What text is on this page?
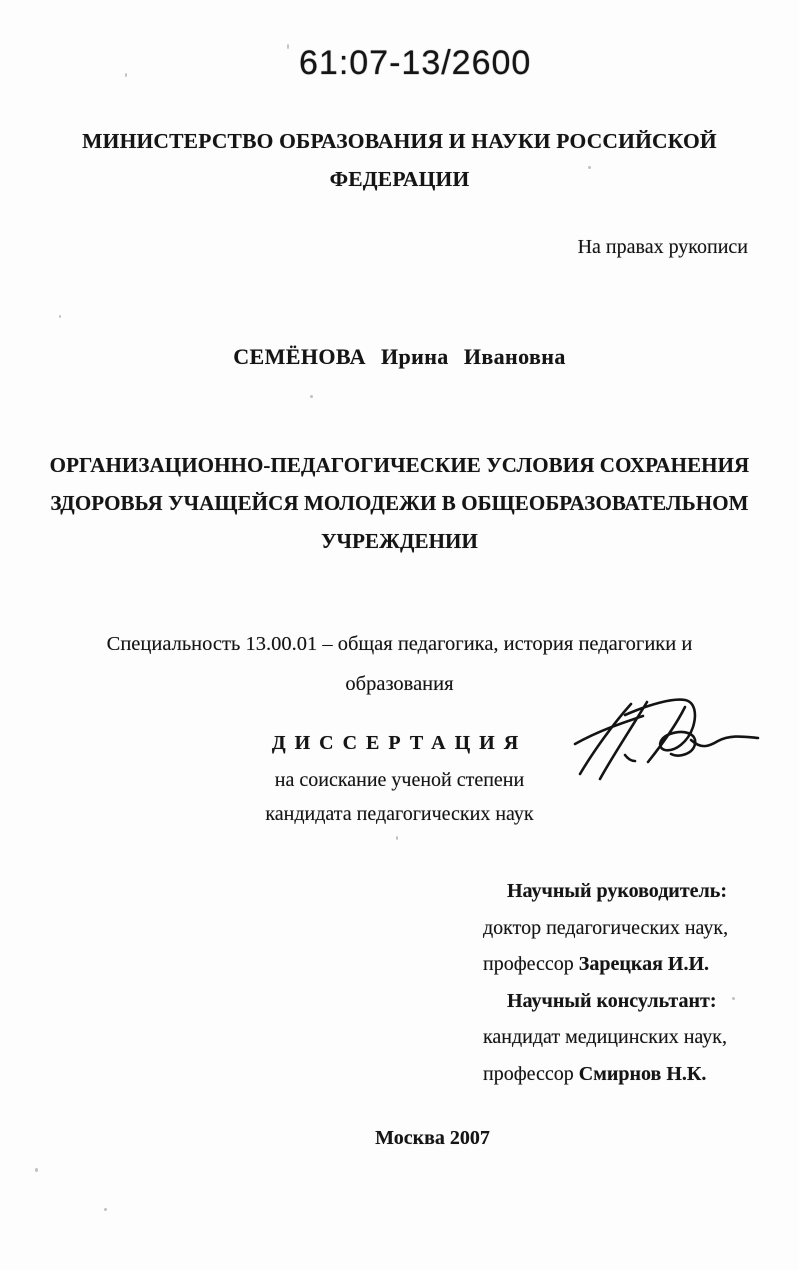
61:07-13/2600
МИНИСТЕРСТВО ОБРАЗОВАНИЯ И НАУКИ РОССИЙСКОЙ
ФЕДЕРАЦИИ
На правах рукописи
СЕМЁНОВА Ирина Ивановна
ОРГАНИЗАЦИОННО-ПЕДАГОГИЧЕСКИЕ УСЛОВИЯ СОХРАНЕНИЯ
ЗДОРОВЬЯ УЧАЩЕЙСЯ МОЛОДЕЖИ В ОБЩЕОБРАЗОВАТЕЛЬНОМ
УЧРЕЖДЕНИИ
Специальность 13.00.01 – общая педагогика, история педагогики и
образования
ДИССЕРТАЦИЯ
на соискание ученой степени
кандидата педагогических наук
Научный руководитель:
доктор педагогических наук,
профессор Зарецкая И.И.
Научный консультант:
кандидат медицинских наук,
профессор Смирнов Н.К.
Москва 2007
